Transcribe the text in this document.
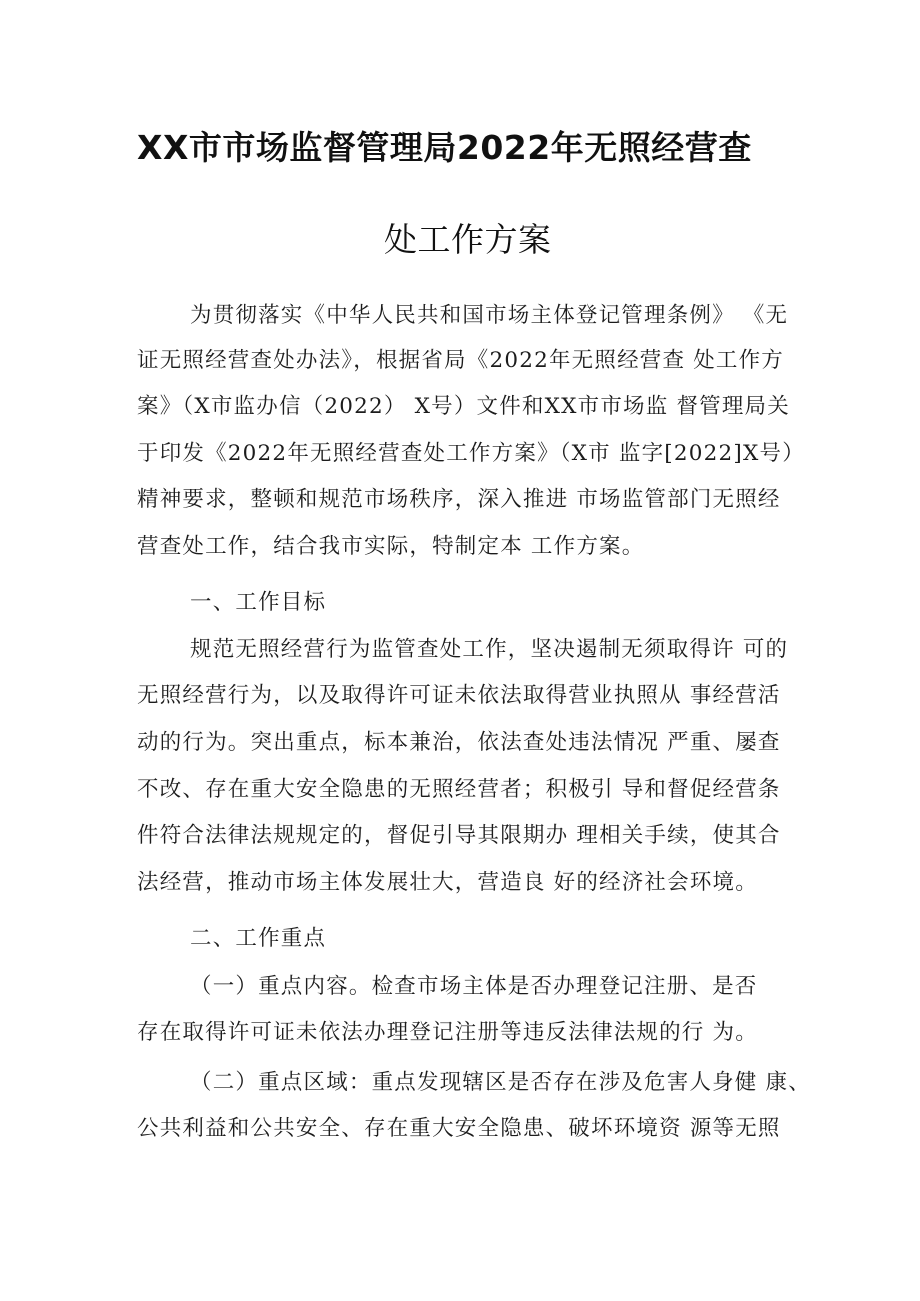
XX市市场监督管理局2022年无照经营查
处工作方案
为贯彻落实《中华人民共和国市场主体登记管理条例》 《无
证无照经营查处办法》，根据省局《2022年无照经营查 处工作方
案》（X市监办信（2022） X号）文件和XX市市场监 督管理局关
于印发《2022年无照经营查处工作方案》（X市 监字[2022]X号）
精神要求，整顿和规范市场秩序，深入推进 市场监管部门无照经
营查处工作，结合我市实际，特制定本 工作方案。
一、工作目标
规范无照经营行为监管查处工作，坚决遏制无须取得许 可的
无照经营行为，以及取得许可证未依法取得营业执照从 事经营活
动的行为。突出重点，标本兼治，依法查处违法情况 严重、屡查
不改、存在重大安全隐患的无照经营者；积极引 导和督促经营条
件符合法律法规规定的，督促引导其限期办 理相关手续，使其合
法经营，推动市场主体发展壮大，营造良 好的经济社会环境。
二、工作重点
（一）重点内容。检查市场主体是否办理登记注册、是否
存在取得许可证未依法办理登记注册等违反法律法规的行 为。
（二）重点区域：重点发现辖区是否存在涉及危害人身健 康、
公共利益和公共安全、存在重大安全隐患、破坏环境资 源等无照
